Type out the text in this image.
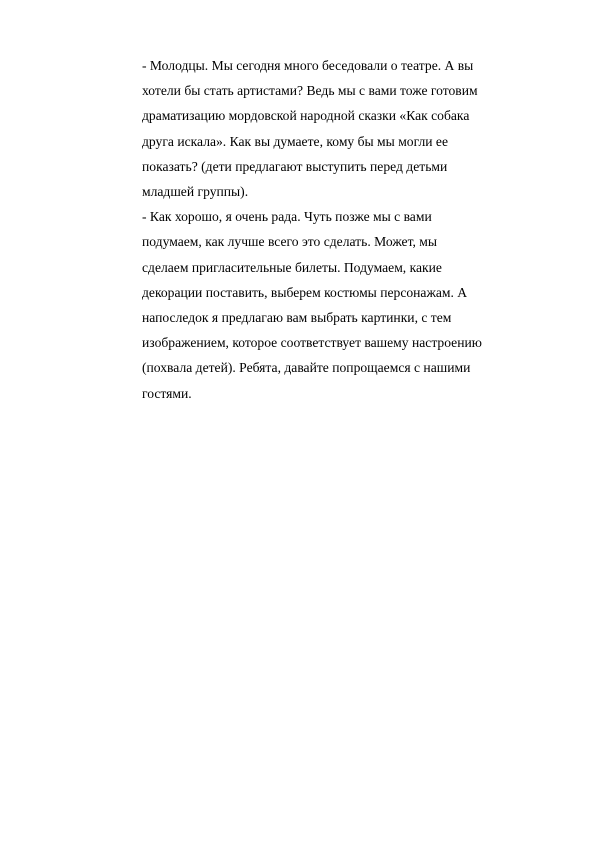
- Молодцы. Мы сегодня много беседовали о театре. А вы
хотели бы стать артистами? Ведь мы с вами тоже готовим
драматизацию мордовской народной сказки «Как собака
друга искала». Как вы думаете, кому бы мы могли ее
показать? (дети предлагают выступить перед детьми
младшей группы).
- Как хорошо, я очень рада. Чуть позже мы с вами
подумаем, как лучше всего это сделать. Может, мы
сделаем пригласительные билеты. Подумаем, какие
декорации поставить, выберем костюмы персонажам. А
напоследок я предлагаю вам выбрать картинки, с тем
изображением, которое соответствует вашему настроению
(похвала детей). Ребята, давайте попрощаемся с нашими
гостями.
